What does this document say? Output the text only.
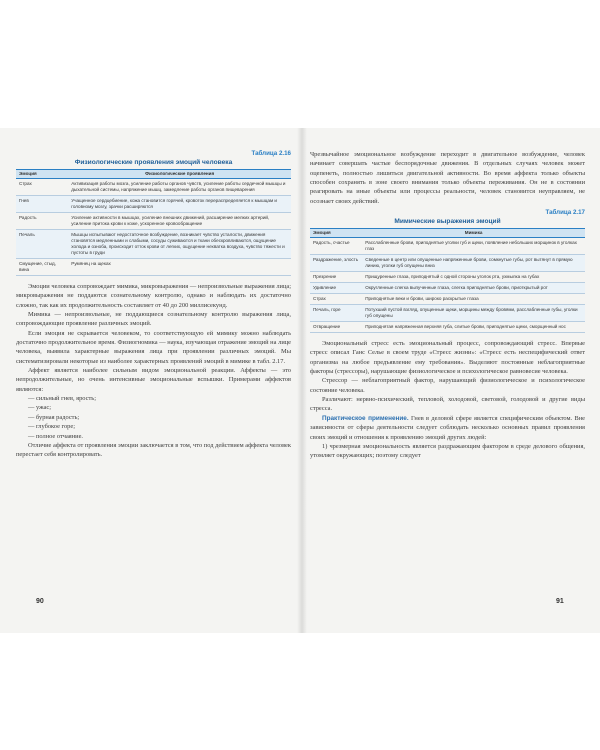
Таблица 2.16
Физиологические проявления эмоций человека
Эмоция	Физиологические проявления
Страх	Активизация работы мозга, усиление работы органов чувств, усиление работы сердечной мышцы и дыхательной системы, напряжение мышц, замедление работы органов пищеварения
Гнев	Учащенное сердцебиение, кожа становится горячей, кровоток перераспределяется к мышцам и головному мозгу, зрачки расширяются
Радость	Усиление активности в мышцах, усиление внешних движений, расширение мелких артерий, усиление притока крови к коже, ускоренное кровообращение
Печаль	Мышцы испытывают недостаточное возбуждение, возникает чувство усталости, движения становятся медленными и слабыми, сосуды суживаются и ткани обескровливаются, ощущение холода и озноба, происходит отток крови от легких, ощущение нехватка воздуха, чувство тяжести и пустоты в груди
Смущение, стыд, вина	Румянец на щеках

Эмоции человека сопровождает мимика, микровыражения — непроизвольные выражения лица; микровыражения не поддаются сознательному контролю, однако и наблюдать их достаточно сложно, так как их продолжительность составляет от 40 до 200 миллисекунд.

Мимика — непроизвольные, не поддающиеся сознательному контролю выражения лица, сопровождающие проявление различных эмоций.

Если эмоция не скрывается человеком, то соответствующую ей мимику можно наблюдать достаточно продолжительное время. Физиогномика — наука, изучающая отражение эмоций на лице человека, выявила характерные выражения лица при проявлении различных эмоций. Мы систематизировали некоторые из наиболее характерных проявлений эмоций в мимике в табл. 2.17.

Аффект является наиболее сильным видом эмоциональной реакции. Аффекты — это непродолжительные, но очень интенсивные эмоциональные вспышки. Примерами аффектов являются:

— сильный гнев, ярость;
— ужас;
— бурная радость;
— глубокое горе;
— полное отчаяние.

Отличие аффекта от проявления эмоции заключается в том, что под действием аффекта человек перестает себя контролировать.

90

Чрезвычайное эмоциональное возбуждение переходит в двигательное возбуждение, человек начинает совершать частые беспорядочные движения. В отдельных случаях человек может оцепенеть, полностью лишиться двигательной активности. Во время аффекта только объекты способен сохранять в зоне своего внимания только объекты переживания. Он не в состоянии реагировать на иные объекты или процессы реальности, человек становится неуправляем, не осознает своих действий.

Таблица 2.17
Мимические выражения эмоций
Эмоция	Мимика
Радость, счастье	Расслабленные брови, приподнятые уголки губ и щеки, появление небольших морщинок в уголках глаз
Раздражение, злость	Сведенные в центр или опущенные напряженные брови, сомкнутые губы, рот вытянут в прямую линию, уголки губ опущены вниз
Презрение	Прищуренные глаза, приподнятый с одной стороны уголок рта, ухмылка на губах
Удивление	Округленные слегка выпученные глаза, слегка приподнятые брови, приоткрытый рот
Страх	Приподнятые веки и брови, широко раскрытые глаза
Печаль, горе	Потухший пустой взгляд, опущенные щеки, морщины между бровями, расслабленные губы, уголки губ опущены
Отвращение	Приподнятая напряженная верхняя губа, слитые брови, приподнятые щеки, сморщенный нос

Эмоциональный стресс есть эмоциональный процесс, сопровождающий стресс. Впервые стресс описал Ганс Селье в своем труде «Стресс жизни»: «Стресс есть неспецифический ответ организма на любое предъявление ему требования». Выделяют постоянные неблагоприятные факторы (стрессоры), нарушающие физиологическое и психологическое равновесие человека.

Стрессор — неблагоприятный фактор, нарушающий физиологическое и психологическое состояние человека.

Различают: нервно-психический, тепловой, холодовой, световой, голодовой и другие виды стресса.

Практическое применение. Гнев в деловой сфере является специфическим объектом. Вне зависимости от сферы деятельности следует соблюдать несколько основных правил проявления своих эмоций и отношения к проявлению эмоций других людей:

1) чрезмерная эмоциональность является раздражающим фактором в среде делового общения, утомляет окружающих; поэтому следует

91
